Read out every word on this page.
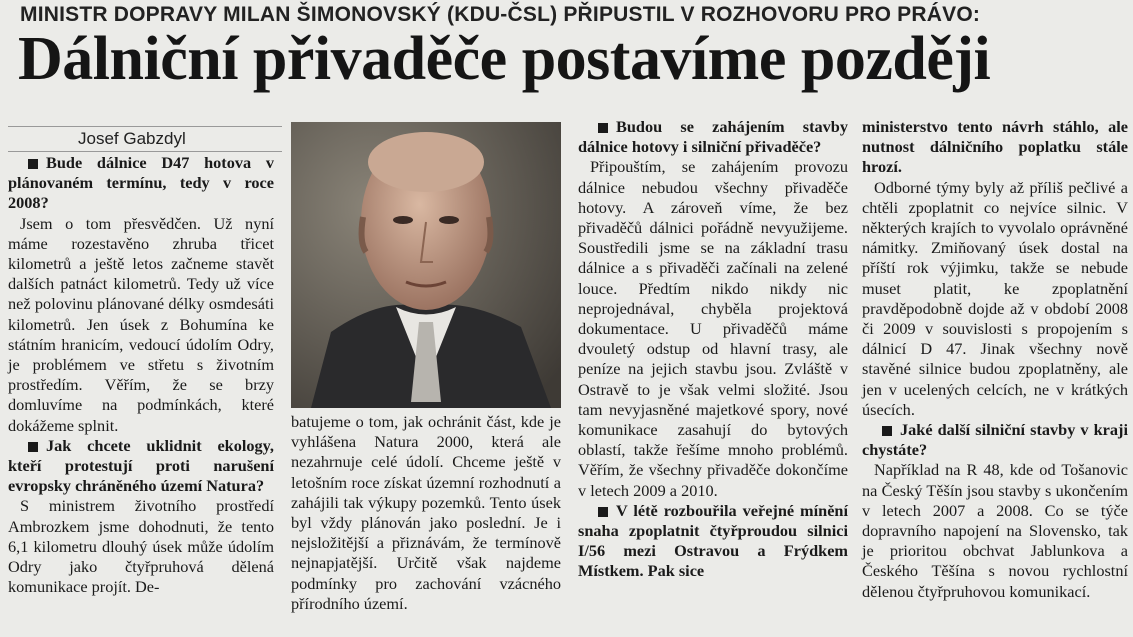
MINISTR DOPRAVY MILAN ŠIMONOVSKÝ (KDU-ČSL) PŘIPUSTIL V ROZHOVORU PRO PRÁVO:
Dálniční přivaděče postavíme později
Josef Gabzdyl

Bude dálnice D47 hotova v plánovaném termínu, tedy v roce 2008?

Jsem o tom přesvědčen. Už nyní máme rozestavěno zhruba třicet kilometrů a ještě letos začneme stavět dalších patnáct kilometrů. Tedy už více než polovinu plánované délky osmdesáti kilometrů. Jen úsek z Bohumína ke státním hranicím, vedoucí údolím Odry, je problémem ve střetu s životním prostředím. Věřím, že se brzy domluvíme na podmínkách, které dokážeme splnit.

Jak chcete uklidnit ekology, kteří protestují proti narušení evropsky chráněného území Natura?

S ministrem životního prostředí Ambrozkem jsme dohodnuti, že tento 6,1 kilometru dlouhý úsek může údolím Odry jako čtyřpruhová dělená komunikace projít. De-

batujeme o tom, jak ochránit část, kde je vyhlášena Natura 2000, která ale nezahrnuje celé údolí. Chceme ještě v letošním roce získat územní rozhodnutí a zahájili tak výkupy pozemků. Tento úsek byl vždy plánován jako poslední. Je i nejsložitější a přiznávám, že termínově nejnapjatější. Určitě však najdeme podmínky pro zachování vzácného přírodního území.

Budou se zahájením stavby dálnice hotovy i silniční přivaděče?

Připouštím, se zahájením provozu dálnice nebudou všechny přivaděče hotovy. A zároveň víme, že bez přivaděčů dálnici pořádně nevyužijeme. Soustředili jsme se na základní trasu dálnice a s přivaděči začínali na zelené louce. Předtím nikdo nikdy nic neprojednával, chyběla projektová dokumentace. U přivaděčů máme dvouletý odstup od hlavní trasy, ale peníze na jejich stavbu jsou. Zvláště v Ostravě to je však velmi složité. Jsou tam nevyjasněné majetkové spory, nové komunikace zasahují do bytových oblastí, takže řešíme mnoho problémů. Věřím, že všechny přivaděče dokončíme v letech 2009 a 2010.

V létě rozbouřila veřejné mínění snaha zpoplatnit čtyřproudou silnici I/56 mezi Ostravou a Frýdkem Místkem. Pak sice

ministerstvo tento návrh stáhlo, ale nutnost dálničního poplatku stále hrozí.

Odborné týmy byly až příliš pečlivé a chtěli zpoplatnit co nejvíce silnic. V některých krajích to vyvolalo oprávněné námitky. Zmiňovaný úsek dostal na příští rok výjimku, takže se nebude muset platit, ke zpoplatnění pravděpodobně dojde až v období 2008 či 2009 v souvislosti s propojením s dálnicí D 47. Jinak všechny nově stavěné silnice budou zpoplatněny, ale jen v ucelených celcích, ne v krátkých úsecích.

Jaké další silniční stavby v kraji chystáte?

Například na R 48, kde od Tošanovic na Český Těšín jsou stavby s ukončením v letech 2007 a 2008. Co se týče dopravního napojení na Slovensko, tak je prioritou obchvat Jablunkova a Českého Těšína s novou rychlostní dělenou čtyřpruhovou komunikací.
